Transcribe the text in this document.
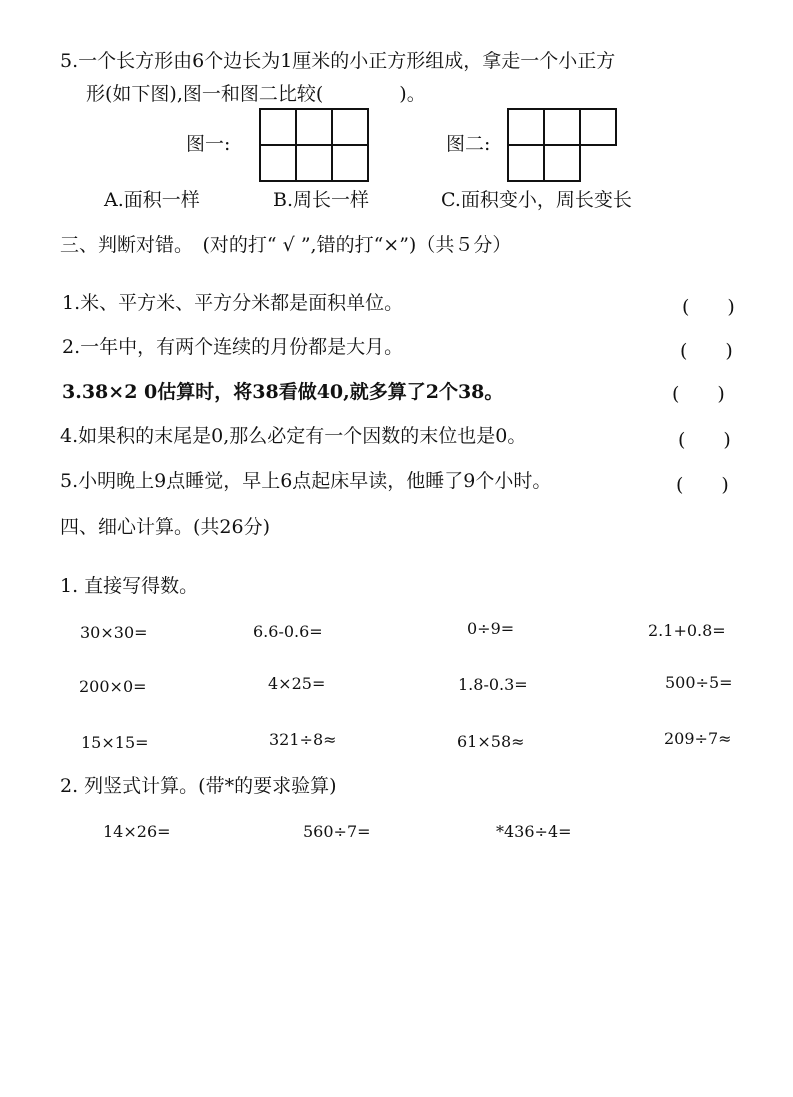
5.一个长方形由6个边长为1厘米的小正方形组成，拿走一个小正方
形(如下图),图一和图二比较(　　　　)。
图一:	图二:
A.面积一样	B.周长一样	C.面积变小，周长变长
三、判断对错。　(对的打“ √ ”,错的打“×”)（共５分）
1.米、平方米、平方分米都是面积单位。	(　　)
2.一年中，有两个连续的月份都是大月。	(　　)
3.38×2 0估算时，将38看做40,就多算了2个38。	(　　)
4.如果积的末尾是0,那么必定有一个因数的末位也是0。	(　　)
5.小明晚上9点睡觉，早上6点起床早读，他睡了9个小时。	(　　)
四、细心计算。(共26分)
1. 直接写得数。
30×30=	6.6-0.6=	0÷9=	2.1+0.8=
200×0=	4×25=	1.8-0.3=	500÷5=
15×15=	321÷8≈	61×58≈	209÷7≈
2. 列竖式计算。(带*的要求验算)
14×26=	560÷7=	*436÷4=
